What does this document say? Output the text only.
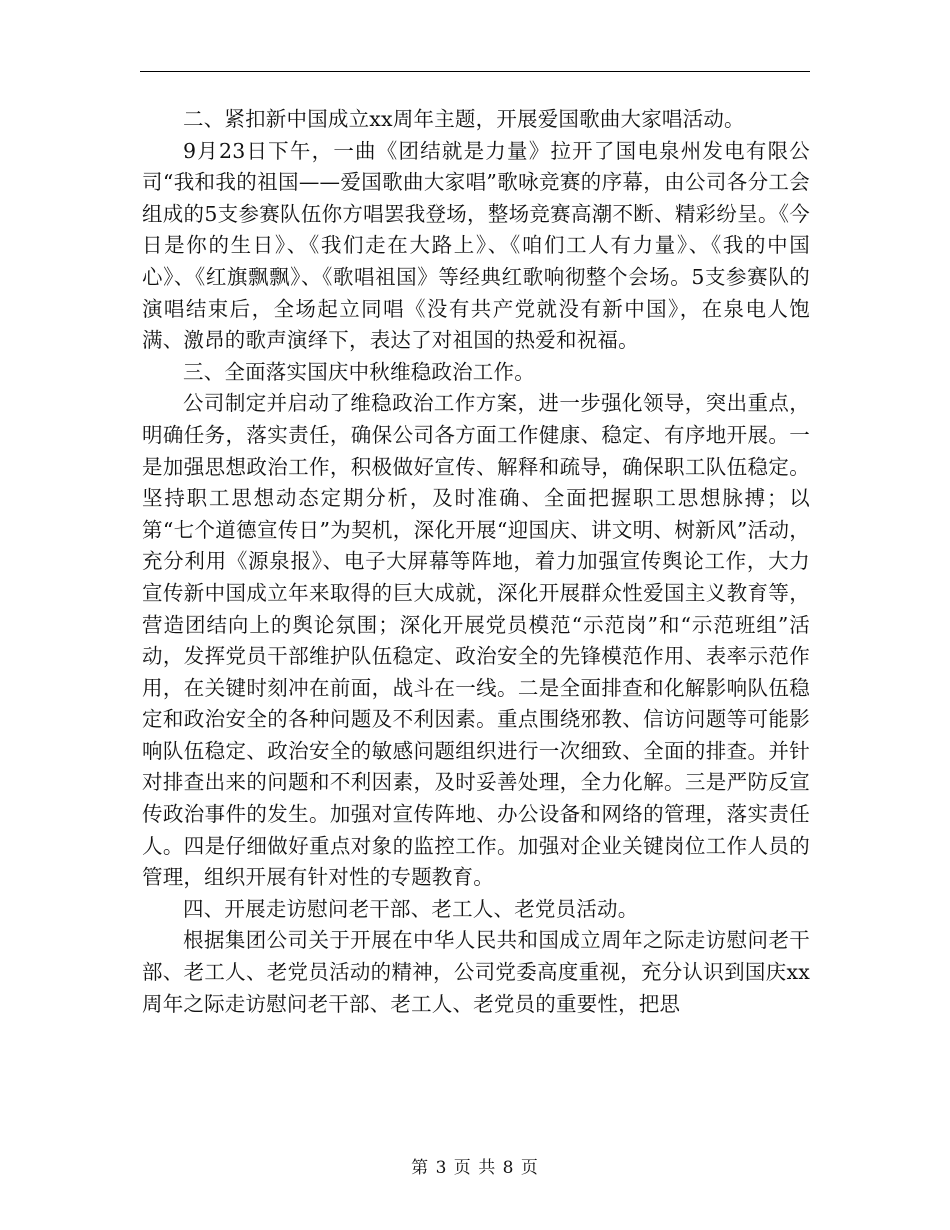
二、紧扣新中国成立xx周年主题，开展爱国歌曲大家唱活动。

9月23日下午，一曲《团结就是力量》拉开了国电泉州发电有限公司“我和我的祖国——爱国歌曲大家唱”歌咏竞赛的序幕，由公司各分工会组成的5支参赛队伍你方唱罢我登场，整场竞赛高潮不断、精彩纷呈。《今日是你的生日》、《我们走在大路上》、《咱们工人有力量》、《我的中国心》、《红旗飘飘》、《歌唱祖国》等经典红歌响彻整个会场。5支参赛队的演唱结束后，全场起立同唱《没有共产党就没有新中国》，在泉电人饱满、激昂的歌声演绎下，表达了对祖国的热爱和祝福。

三、全面落实国庆中秋维稳政治工作。

公司制定并启动了维稳政治工作方案，进一步强化领导，突出重点，明确任务，落实责任，确保公司各方面工作健康、稳定、有序地开展。一是加强思想政治工作，积极做好宣传、解释和疏导，确保职工队伍稳定。坚持职工思想动态定期分析，及时准确、全面把握职工思想脉搏；以第“七个道德宣传日”为契机，深化开展“迎国庆、讲文明、树新风”活动，充分利用《源泉报》、电子大屏幕等阵地，着力加强宣传舆论工作，大力宣传新中国成立年来取得的巨大成就，深化开展群众性爱国主义教育等，营造团结向上的舆论氛围；深化开展党员模范“示范岗”和“示范班组”活动，发挥党员干部维护队伍稳定、政治安全的先锋模范作用、表率示范作用，在关键时刻冲在前面，战斗在一线。二是全面排查和化解影响队伍稳定和政治安全的各种问题及不利因素。重点围绕邪教、信访问题等可能影响队伍稳定、政治安全的敏感问题组织进行一次细致、全面的排查。并针对排查出来的问题和不利因素，及时妥善处理，全力化解。三是严防反宣传政治事件的发生。加强对宣传阵地、办公设备和网络的管理，落实责任人。四是仔细做好重点对象的监控工作。加强对企业关键岗位工作人员的管理，组织开展有针对性的专题教育。

四、开展走访慰问老干部、老工人、老党员活动。

根据集团公司关于开展在中华人民共和国成立周年之际走访慰问老干部、老工人、老党员活动的精神，公司党委高度重视，充分认识到国庆xx周年之际走访慰问老干部、老工人、老党员的重要性，把思

第 3 页 共 8 页
